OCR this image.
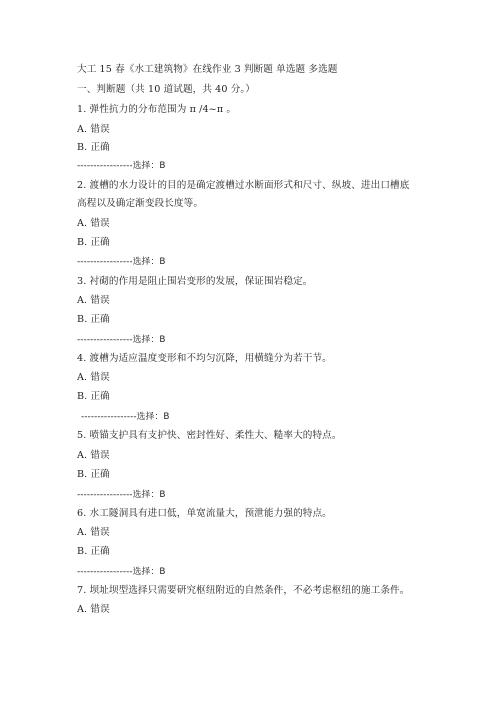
大工 15 春《水工建筑物》在线作业 3 判断题 单选题 多选题
一、判断题（共 10 道试题，共 40 分。）
1. 弹性抗力的分布范围为 π /4~π 。
A. 错误
B. 正确
-----------------选择：B
2. 渡槽的水力设计的目的是确定渡槽过水断面形式和尺寸、纵坡、进出口槽底
高程以及确定渐变段长度等。
A. 错误
B. 正确
-----------------选择：B
3. 衬砌的作用是阻止围岩变形的发展，保证围岩稳定。
A. 错误
B. 正确
-----------------选择：B
4. 渡槽为适应温度变形和不均匀沉降，用横缝分为若干节。
A. 错误
B. 正确
-----------------选择：B
5. 喷锚支护具有支护快、密封性好、柔性大、糙率大的特点。
A. 错误
B. 正确
-----------------选择：B
6. 水工隧洞具有进口低，单宽流量大，预泄能力强的特点。
A. 错误
B. 正确
-----------------选择：B
7. 坝址坝型选择只需要研究枢纽附近的自然条件，不必考虑枢纽的施工条件。
A. 错误
